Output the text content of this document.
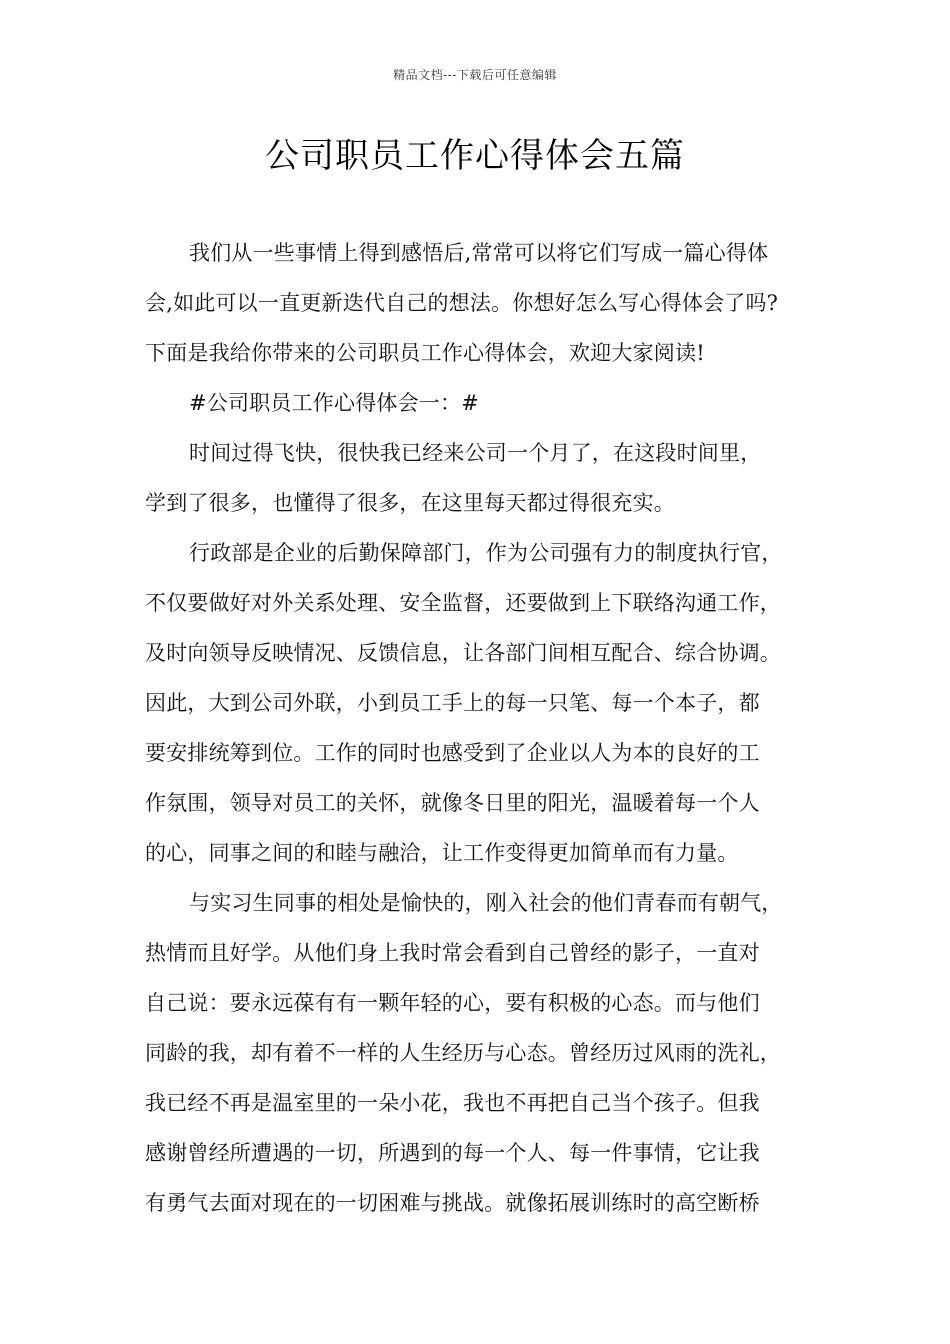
精品文档---下载后可任意编辑
公司职员工作心得体会五篇
我们从一些事情上得到感悟后,常常可以将它们写成一篇心得体
会,如此可以一直更新迭代自己的想法。你想好怎么写心得体会了吗?
下面是我给你带来的公司职员工作心得体会，欢迎大家阅读!
#公司职员工作心得体会一：#
时间过得飞快，很快我已经来公司一个月了，在这段时间里，
学到了很多，也懂得了很多，在这里每天都过得很充实。
行政部是企业的后勤保障部门，作为公司强有力的制度执行官，
不仅要做好对外关系处理、安全监督，还要做到上下联络沟通工作，
及时向领导反映情况、反馈信息，让各部门间相互配合、综合协调。
因此，大到公司外联，小到员工手上的每一只笔、每一个本子，都
要安排统筹到位。工作的同时也感受到了企业以人为本的良好的工
作氛围，领导对员工的关怀，就像冬日里的阳光，温暖着每一个人
的心，同事之间的和睦与融洽，让工作变得更加简单而有力量。
与实习生同事的相处是愉快的，刚入社会的他们青春而有朝气，
热情而且好学。从他们身上我时常会看到自己曾经的影子，一直对
自己说：要永远葆有有一颗年轻的心，要有积极的心态。而与他们
同龄的我，却有着不一样的人生经历与心态。曾经历过风雨的洗礼，
我已经不再是温室里的一朵小花，我也不再把自己当个孩子。但我
感谢曾经所遭遇的一切，所遇到的每一个人、每一件事情，它让我
有勇气去面对现在的一切困难与挑战。就像拓展训练时的高空断桥
